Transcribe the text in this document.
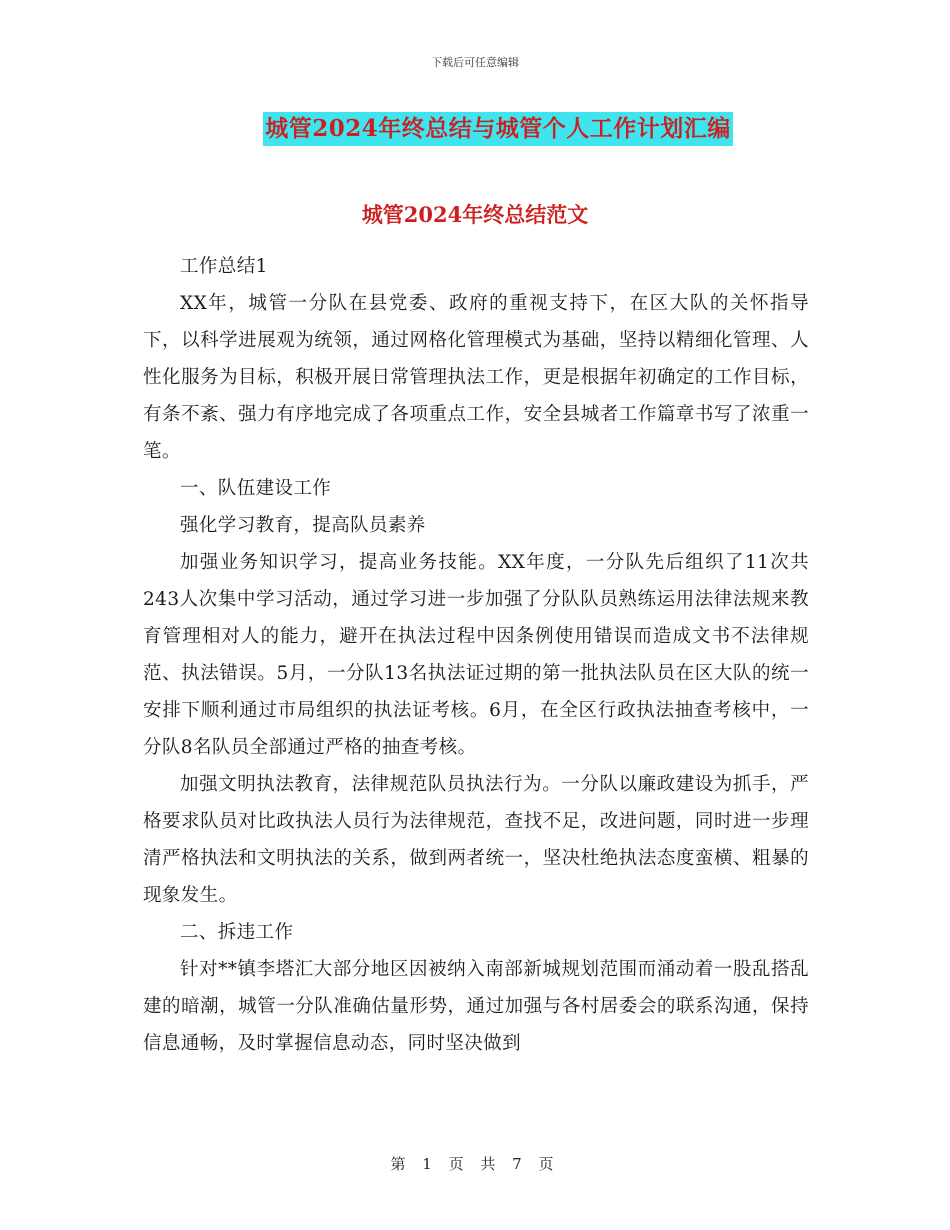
下载后可任意编辑
城管2024年终总结与城管个人工作计划汇编
城管2024年终总结范文

工作总结1

XX年，城管一分队在县党委、政府的重视支持下，在区大队的关怀指导下，以科学进展观为统领，通过网格化管理模式为基础，坚持以精细化管理、人性化服务为目标，积极开展日常管理执法工作，更是根据年初确定的工作目标，有条不紊、强力有序地完成了各项重点工作，安全县城者工作篇章书写了浓重一笔。

一、队伍建设工作

强化学习教育，提高队员素养

加强业务知识学习，提高业务技能。XX年度，一分队先后组织了11次共243人次集中学习活动，通过学习进一步加强了分队队员熟练运用法律法规来教育管理相对人的能力，避开在执法过程中因条例使用错误而造成文书不法律规范、执法错误。5月，一分队13名执法证过期的第一批执法队员在区大队的统一安排下顺利通过市局组织的执法证考核。6月，在全区行政执法抽查考核中，一分队8名队员全部通过严格的抽查考核。

加强文明执法教育，法律规范队员执法行为。一分队以廉政建设为抓手，严格要求队员对比政执法人员行为法律规范，查找不足，改进问题，同时进一步理清严格执法和文明执法的关系，做到两者统一，坚决杜绝执法态度蛮横、粗暴的现象发生。

二、拆违工作

针对**镇李塔汇大部分地区因被纳入南部新城规划范围而涌动着一股乱搭乱建的暗潮，城管一分队准确估量形势，通过加强与各村居委会的联系沟通，保持信息通畅，及时掌握信息动态，同时坚决做到

第 1 页 共 7 页
